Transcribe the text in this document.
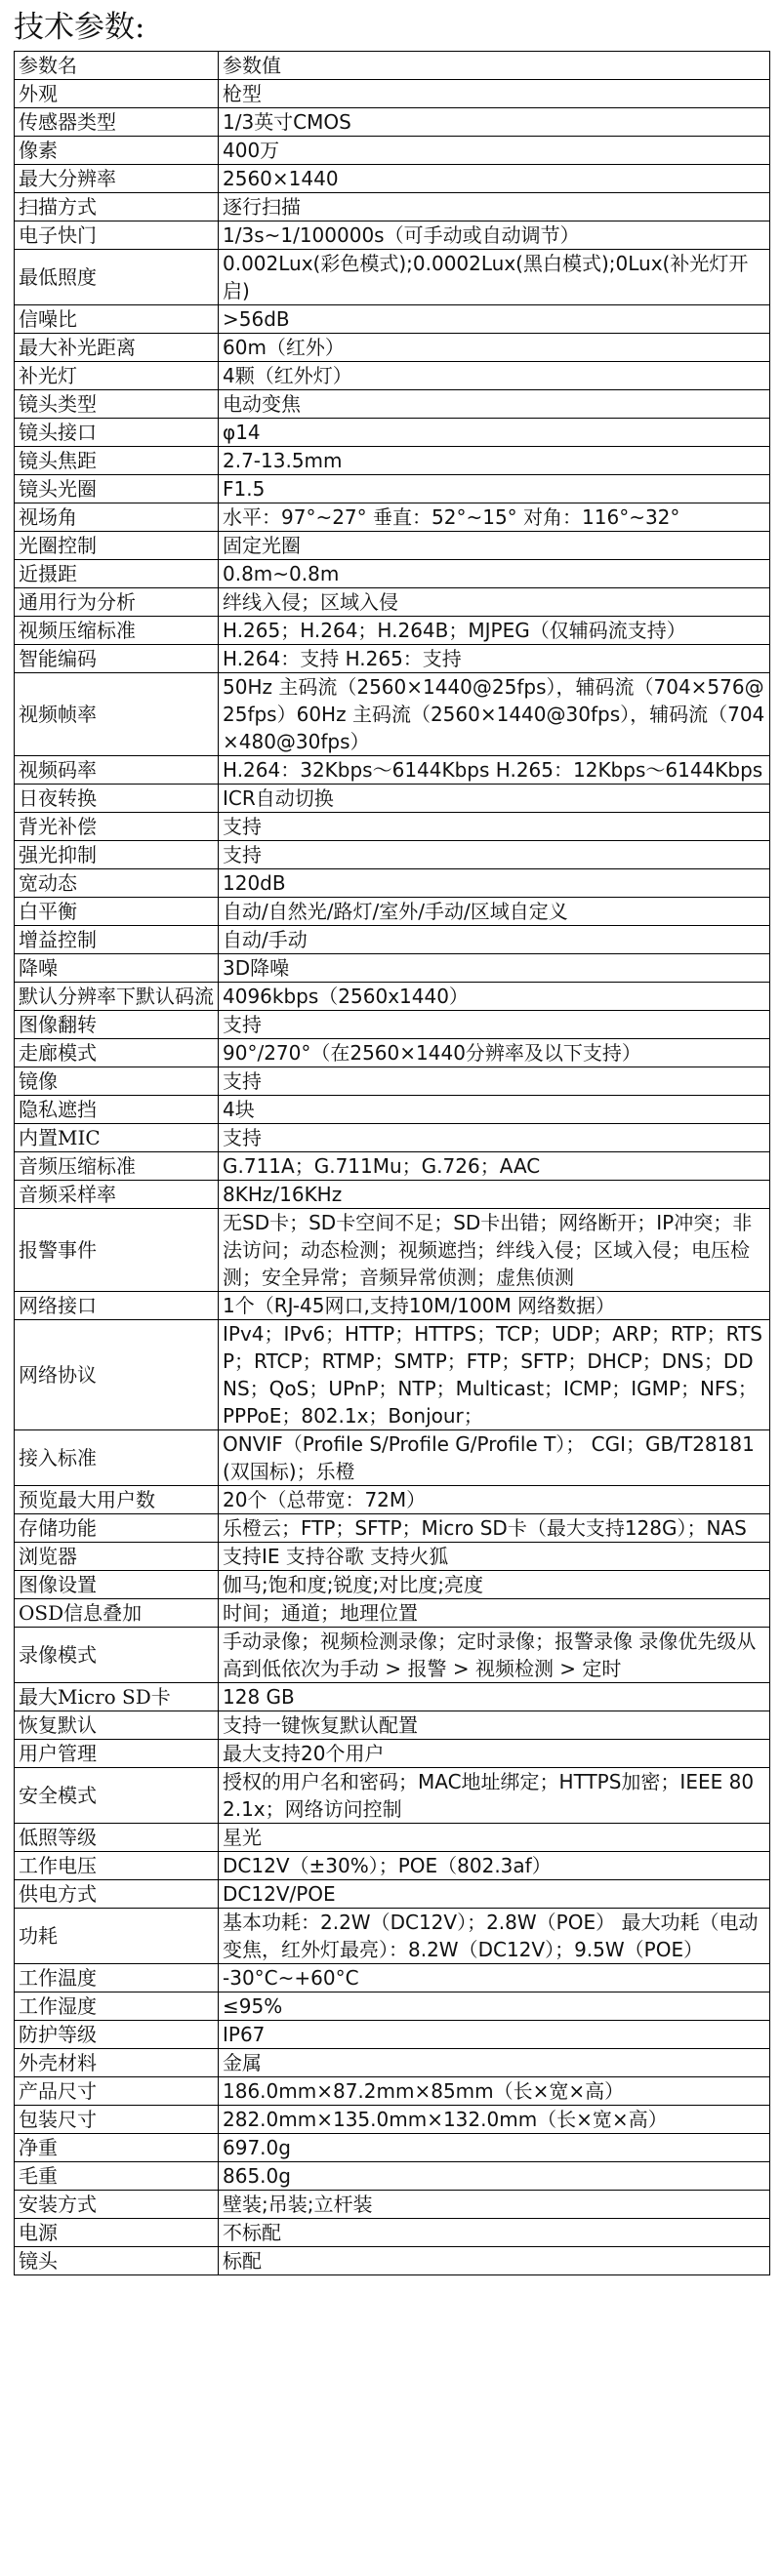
技术参数:
参数名	参数值
外观	枪型
传感器类型	1/3英寸CMOS
像素	400万
最大分辨率	2560×1440
扫描方式	逐行扫描
电子快门	1/3s~1/100000s（可手动或自动调节）
最低照度	0.002Lux(彩色模式);0.0002Lux(黑白模式);0Lux(补光灯开启)
信噪比	>56dB
最大补光距离	60m（红外）
补光灯	4颗（红外灯）
镜头类型	电动变焦
镜头接口	φ14
镜头焦距	2.7-13.5mm
镜头光圈	F1.5
视场角	水平：97°~27° 垂直：52°~15° 对角：116°~32°
光圈控制	固定光圈
近摄距	0.8m~0.8m
通用行为分析	绊线入侵；区域入侵
视频压缩标准	H.265；H.264；H.264B；MJPEG（仅辅码流支持）
智能编码	H.264：支持 H.265：支持
视频帧率	50Hz 主码流（2560×1440@25fps），辅码流（704×576@25fps）60Hz 主码流（2560×1440@30fps），辅码流（704×480@30fps）
视频码率	H.264：32Kbps～6144Kbps H.265：12Kbps～6144Kbps
日夜转换	ICR自动切换
背光补偿	支持
强光抑制	支持
宽动态	120dB
白平衡	自动/自然光/路灯/室外/手动/区域自定义
增益控制	自动/手动
降噪	3D降噪
默认分辨率下默认码流	4096kbps（2560x1440）
图像翻转	支持
走廊模式	90°/270°（在2560×1440分辨率及以下支持）
镜像	支持
隐私遮挡	4块
内置MIC	支持
音频压缩标准	G.711A；G.711Mu；G.726；AAC
音频采样率	8KHz/16KHz
报警事件	无SD卡；SD卡空间不足；SD卡出错；网络断开；IP冲突；非法访问；动态检测；视频遮挡；绊线入侵；区域入侵；电压检测；安全异常；音频异常侦测；虚焦侦测
网络接口	1个（RJ-45网口,支持10M/100M 网络数据）
网络协议	IPv4；IPv6；HTTP；HTTPS；TCP；UDP；ARP；RTP；RTSP；RTCP；RTMP；SMTP；FTP；SFTP；DHCP；DNS；DDNS；QoS；UPnP；NTP；Multicast；ICMP；IGMP；NFS；PPPoE；802.1x；Bonjour；
接入标准	ONVIF（Profile S/Profile G/Profile T）； CGI；GB/T28181(双国标)；乐橙
预览最大用户数	20个（总带宽：72M）
存储功能	乐橙云；FTP；SFTP；Micro SD卡（最大支持128G）；NAS
浏览器	支持IE 支持谷歌 支持火狐
图像设置	伽马;饱和度;锐度;对比度;亮度
OSD信息叠加	时间；通道；地理位置
录像模式	手动录像；视频检测录像；定时录像；报警录像 录像优先级从高到低依次为手动 > 报警 > 视频检测 > 定时
最大Micro SD卡	128 GB
恢复默认	支持一键恢复默认配置
用户管理	最大支持20个用户
安全模式	授权的用户名和密码；MAC地址绑定；HTTPS加密；IEEE 802.1x；网络访问控制
低照等级	星光
工作电压	DC12V（±30%）；POE（802.3af）
供电方式	DC12V/POE
功耗	基本功耗：2.2W（DC12V）；2.8W（POE） 最大功耗（电动变焦，红外灯最亮）：8.2W（DC12V）；9.5W（POE）
工作温度	-30°C~+60°C
工作湿度	≤95%
防护等级	IP67
外壳材料	金属
产品尺寸	186.0mm×87.2mm×85mm（长×宽×高）
包装尺寸	282.0mm×135.0mm×132.0mm（长×宽×高）
净重	697.0g
毛重	865.0g
安装方式	壁装;吊装;立杆装
电源	不标配
镜头	标配
